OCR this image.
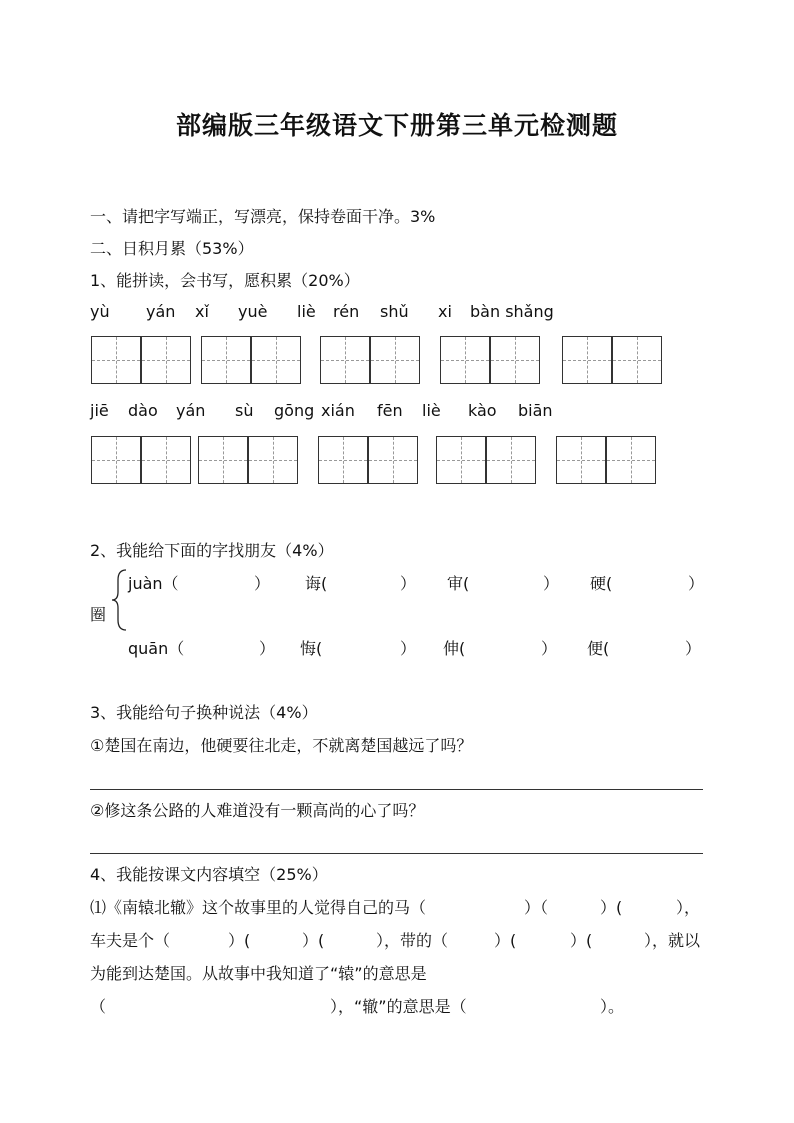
部编版三年级语文下册第三单元检测题
一、请把字写端正，写漂亮，保持卷面干净。3%
二、日积月累（53%）
1、能拼读，会书写，愿积累（20%）
yù yán xǐ yuè liè rén shǔ xi bàn shǎng
jiē dào yán sù gōng xián fēn liè kào biān
2、我能给下面的字找朋友（4%）
圈
juàn（	） 诲(	） 审(	） 硬(	）
quān（	） 悔(	） 伸(	） 便(	）
3、我能给句子换种说法（4%）
①楚国在南边，他硬要往北走，不就离楚国越远了吗？
②修这条公路的人难道没有一颗高尚的心了吗？
4、我能按课文内容填空（25%）
⑴《南辕北辙》这个故事里的人觉得自己的马（	）（	）(	），
车夫是个（	）(	）(	），带的（	）(	）(	），就以
为能到达楚国。从故事中我知道了“辕”的意思是
（	），“辙”的意思是（	）。
